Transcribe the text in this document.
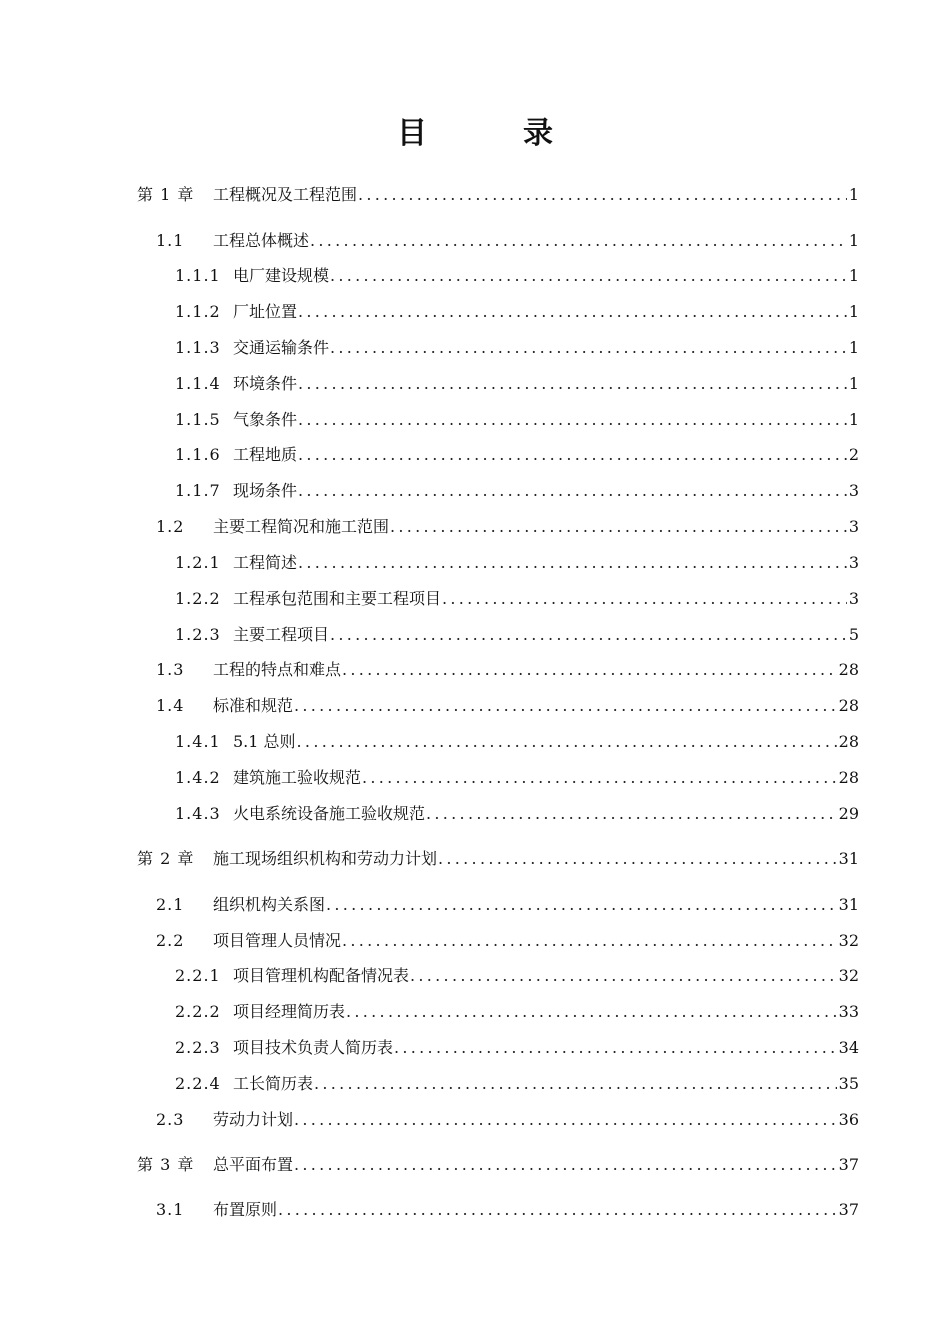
目	录
第 1 章 工程概况及工程范围 .....	1
1.1 工程总体概述 .....	1
1.1.1 电厂建设规模 .....	1
1.1.2 厂址位置 .....	1
1.1.3 交通运输条件 .....	1
1.1.4 环境条件 .....	1
1.1.5 气象条件 .....	1
1.1.6 工程地质 .....	2
1.1.7 现场条件 .....	3
1.2 主要工程简况和施工范围 .....	3
1.2.1 工程简述 .....	3
1.2.2 工程承包范围和主要工程项目 .....	3
1.2.3 主要工程项目 .....	5
1.3 工程的特点和难点 .....	28
1.4 标准和规范 .....	28
1.4.1 5.1 总则 .....	28
1.4.2 建筑施工验收规范 .....	28
1.4.3 火电系统设备施工验收规范 .....	29
第 2 章 施工现场组织机构和劳动力计划 .....	31
2.1 组织机构关系图 .....	31
2.2 项目管理人员情况 .....	32
2.2.1 项目管理机构配备情况表 .....	32
2.2.2 项目经理简历表 .....	33
2.2.3 项目技术负责人简历表 .....	34
2.2.4 工长简历表 .....	35
2.3 劳动力计划 .....	36
第 3 章 总平面布置 .....	37
3.1 布置原则 .....	37
